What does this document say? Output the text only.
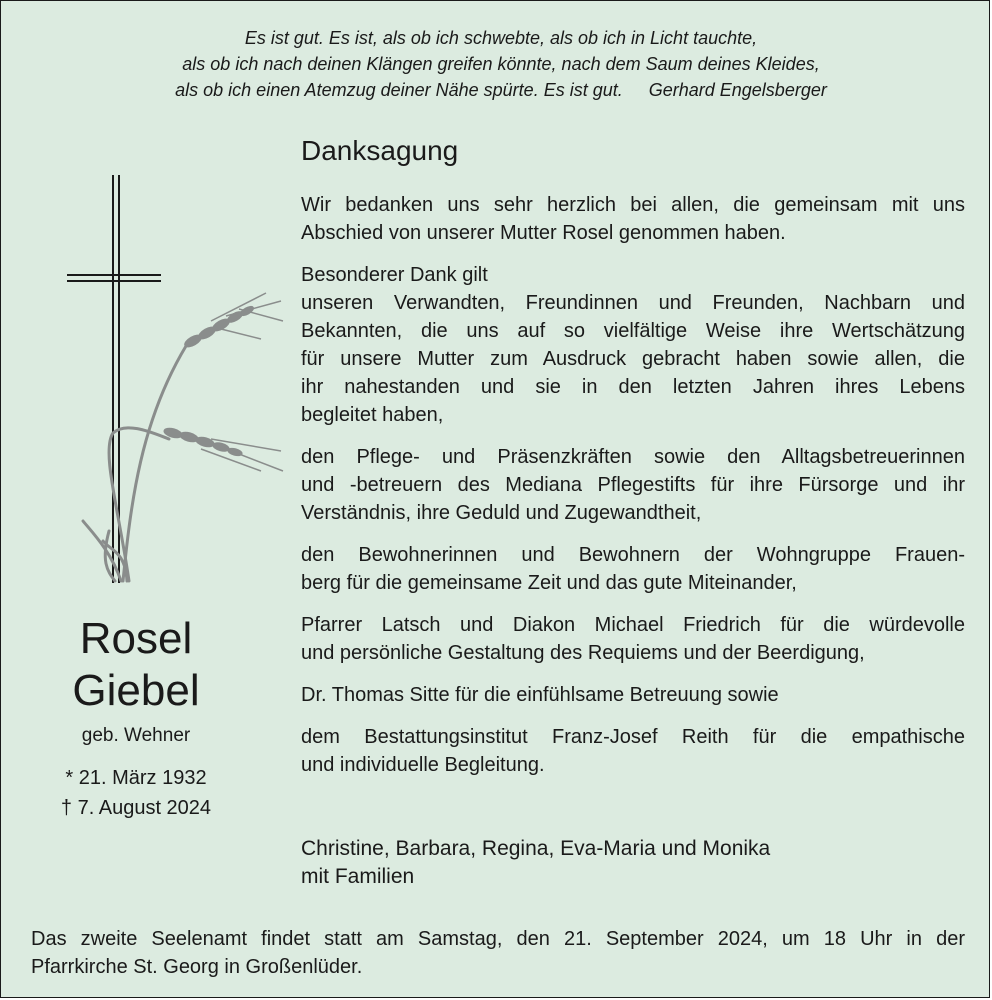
Es ist gut. Es ist, als ob ich schwebte, als ob ich in Licht tauchte,
als ob ich nach deinen Klängen greifen könnte, nach dem Saum deines Kleides,
als ob ich einen Atemzug deiner Nähe spürte. Es ist gut. Gerhard Engelsberger
Danksagung

Wir bedanken uns sehr herzlich bei allen, die gemeinsam mit uns
Abschied von unserer Mutter Rosel genommen haben.

Besonderer Dank gilt
unseren Verwandten, Freundinnen und Freunden, Nachbarn und
Bekannten, die uns auf so vielfältige Weise ihre Wertschätzung
für unsere Mutter zum Ausdruck gebracht haben sowie allen, die
ihr nahestanden und sie in den letzten Jahren ihres Lebens
begleitet haben,

den Pflege- und Präsenzkräften sowie den Alltagsbetreuerinnen
und -betreuern des Mediana Pflegestifts für ihre Fürsorge und ihr
Verständnis, ihre Geduld und Zugewandtheit,

den Bewohnerinnen und Bewohnern der Wohngruppe Frauen-
berg für die gemeinsame Zeit und das gute Miteinander,

Pfarrer Latsch und Diakon Michael Friedrich für die würdevolle
und persönliche Gestaltung des Requiems und der Beerdigung,

Dr. Thomas Sitte für die einfühlsame Betreuung sowie

dem Bestattungsinstitut Franz-Josef Reith für die empathische
und individuelle Begleitung.

Christine, Barbara, Regina, Eva-Maria und Monika
mit Familien
Rosel
Giebel
geb. Wehner
* 21. März 1932
† 7. August 2024
Das zweite Seelenamt findet statt am Samstag, den 21. September 2024, um 18 Uhr in der
Pfarrkirche St. Georg in Großenlüder.
